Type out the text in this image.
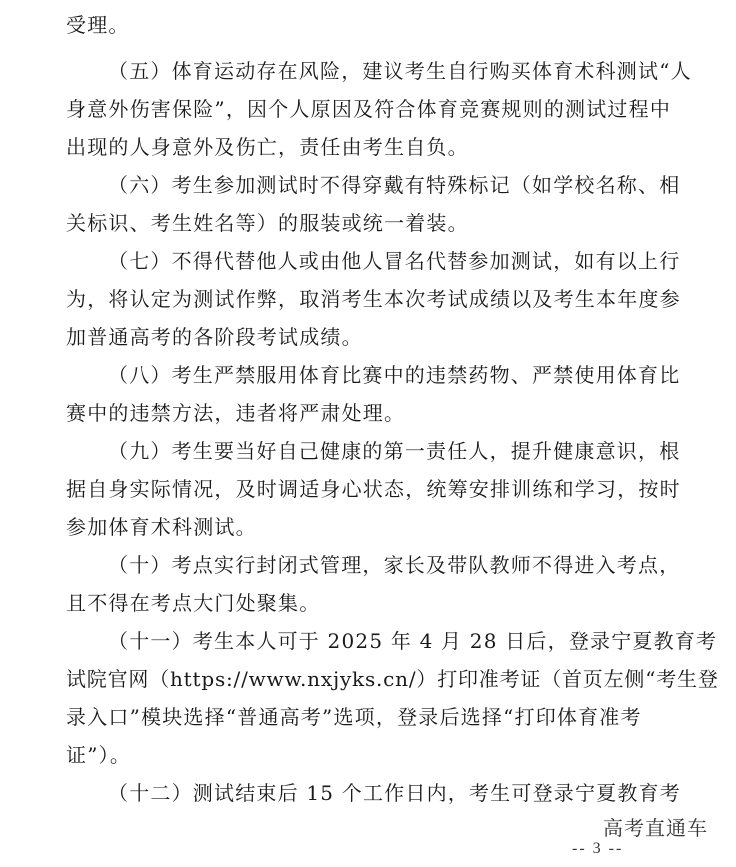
受理。
（五）体育运动存在风险，建议考生自行购买体育术科测试“人
身意外伤害保险”，因个人原因及符合体育竞赛规则的测试过程中
出现的人身意外及伤亡，责任由考生自负。
（六）考生参加测试时不得穿戴有特殊标记（如学校名称、相
关标识、考生姓名等）的服装或统一着装。
（七）不得代替他人或由他人冒名代替参加测试，如有以上行
为，将认定为测试作弊，取消考生本次考试成绩以及考生本年度参
加普通高考的各阶段考试成绩。
（八）考生严禁服用体育比赛中的违禁药物、严禁使用体育比
赛中的违禁方法，违者将严肃处理。
（九）考生要当好自己健康的第一责任人，提升健康意识，根
据自身实际情况，及时调适身心状态，统筹安排训练和学习，按时
参加体育术科测试。
（十）考点实行封闭式管理，家长及带队教师不得进入考点，
且不得在考点大门处聚集。
（十一）考生本人可于 2025 年 4 月 28 日后，登录宁夏教育考
试院官网（https://www.nxjyks.cn/）打印准考证（首页左侧“考生登
录入口”模块选择“普通高考”选项，登录后选择“打印体育准考
证”）。
（十二）测试结束后 15 个工作日内，考生可登录宁夏教育考
高考直通车
-- 3 --
